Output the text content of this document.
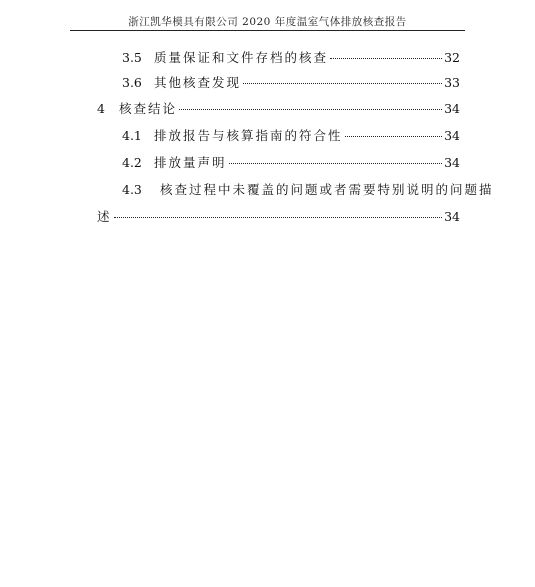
浙江凯华模具有限公司 2020 年度温室气体排放核查报告
3.5 质量保证和文件存档的核查	32
3.6 其他核查发现	33
4	核查结论	34
4.1 排放报告与核算指南的符合性	34
4.2 排放量声明	34
4.3 核查过程中未覆盖的问题或者需要特别说明的问题描
述	34
